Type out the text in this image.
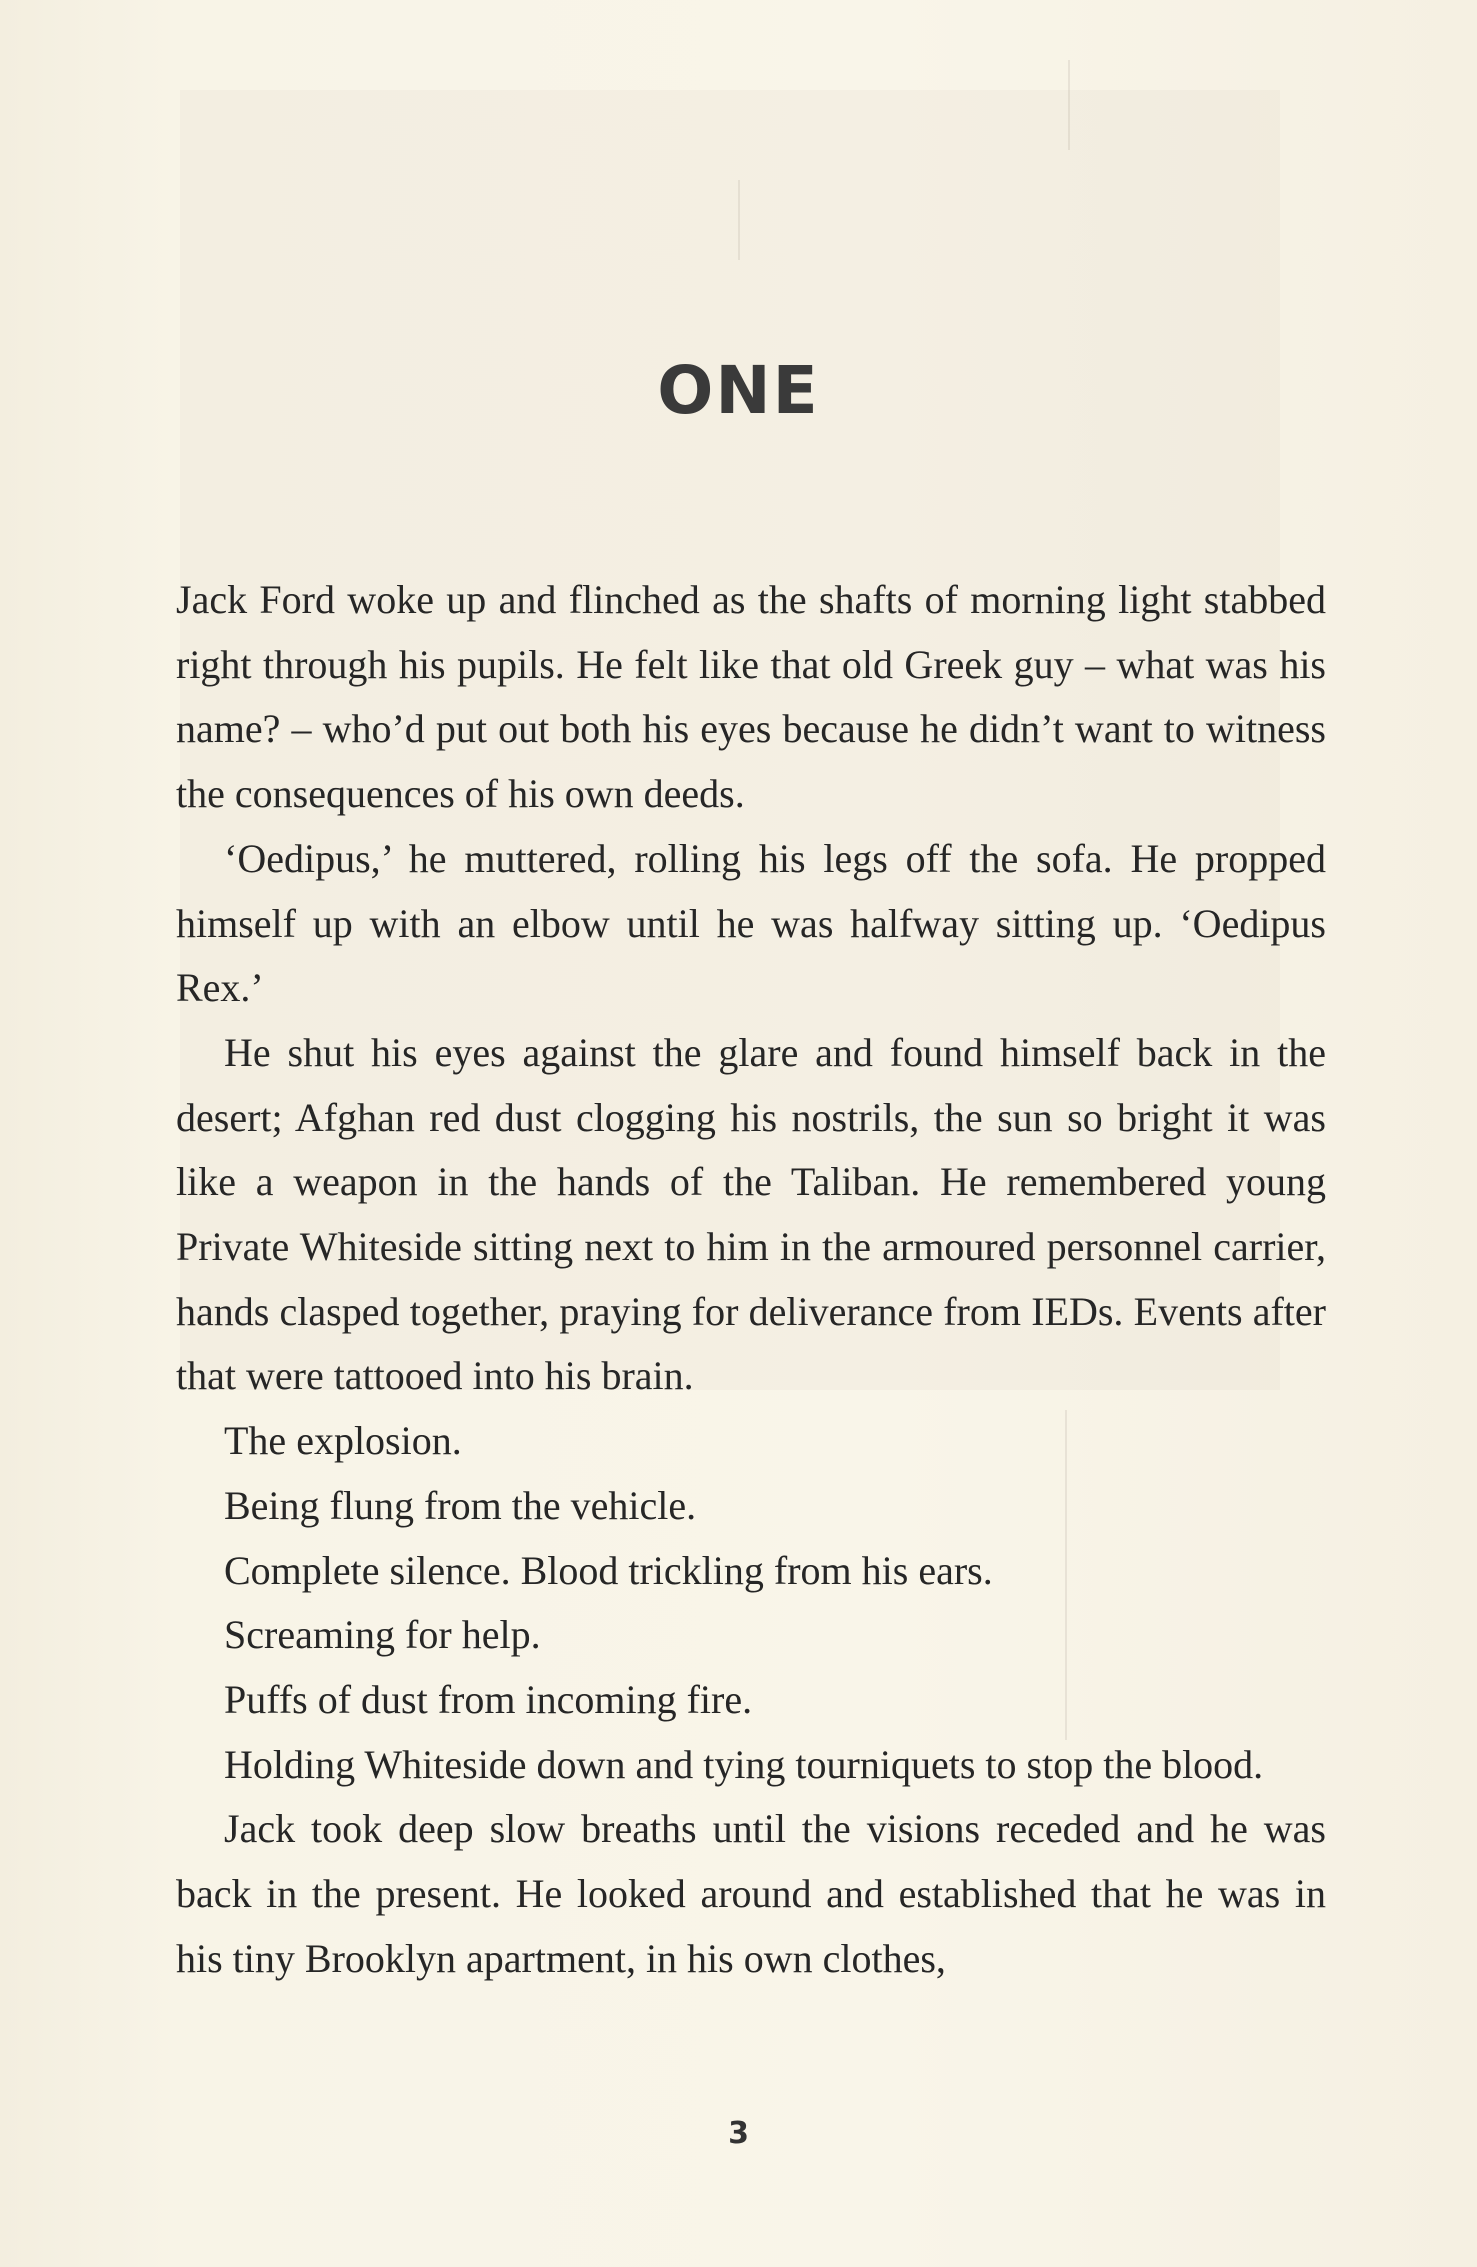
ONE

Jack Ford woke up and flinched as the shafts of morning light stabbed right through his pupils. He felt like that old Greek guy – what was his name? – who’d put out both his eyes because he didn’t want to witness the consequences of his own deeds.

‘Oedipus,’ he muttered, rolling his legs off the sofa. He propped himself up with an elbow until he was halfway sitting up. ‘Oedipus Rex.’

He shut his eyes against the glare and found himself back in the desert; Afghan red dust clogging his nostrils, the sun so bright it was like a weapon in the hands of the Taliban. He remembered young Private Whiteside sitting next to him in the armoured personnel carrier, hands clasped together, praying for deliverance from IEDs. Events after that were tattooed into his brain.

The explosion.

Being flung from the vehicle.

Complete silence. Blood trickling from his ears.

Screaming for help.

Puffs of dust from incoming fire.

Holding Whiteside down and tying tourniquets to stop the blood.

Jack took deep slow breaths until the visions receded and he was back in the present. He looked around and established that he was in his tiny Brooklyn apartment, in his own clothes,

3
